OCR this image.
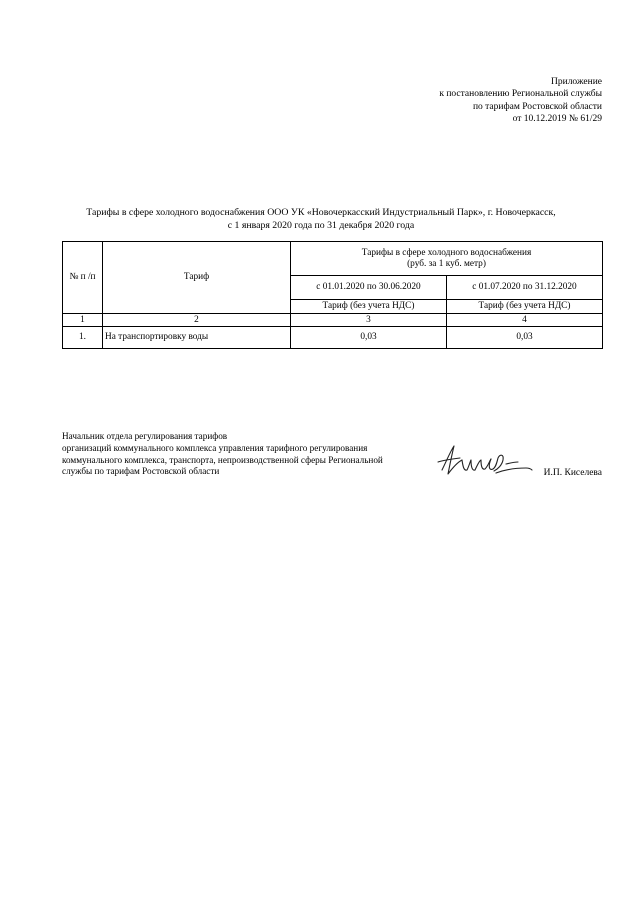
Приложение
к постановлению Региональной службы
по тарифам Ростовской области
от 10.12.2019 № 61/29
Тарифы в сфере холодного водоснабжения ООО УК «Новочеркасский Индустриальный Парк», г. Новочеркасск,
с 1 января 2020 года по 31 декабря 2020 года
№ п /п	Тариф	Тарифы в сфере холодного водоснабжения
(руб. за 1 куб. метр)	

		с 01.01.2020 по 30.06.2020	с 01.07.2020 по 31.12.2020
		Тариф (без учета НДС)	Тариф (без учета НДС)
1	2	3	4
1.	На транспортировку воды	0,03	0,03
Начальник отдела регулирования тарифов
организаций коммунального комплекса управления тарифного регулирования
коммунального комплекса, транспорта, непроизводственной сферы Региональной
службы по тарифам Ростовской области	И.П. Киселева
